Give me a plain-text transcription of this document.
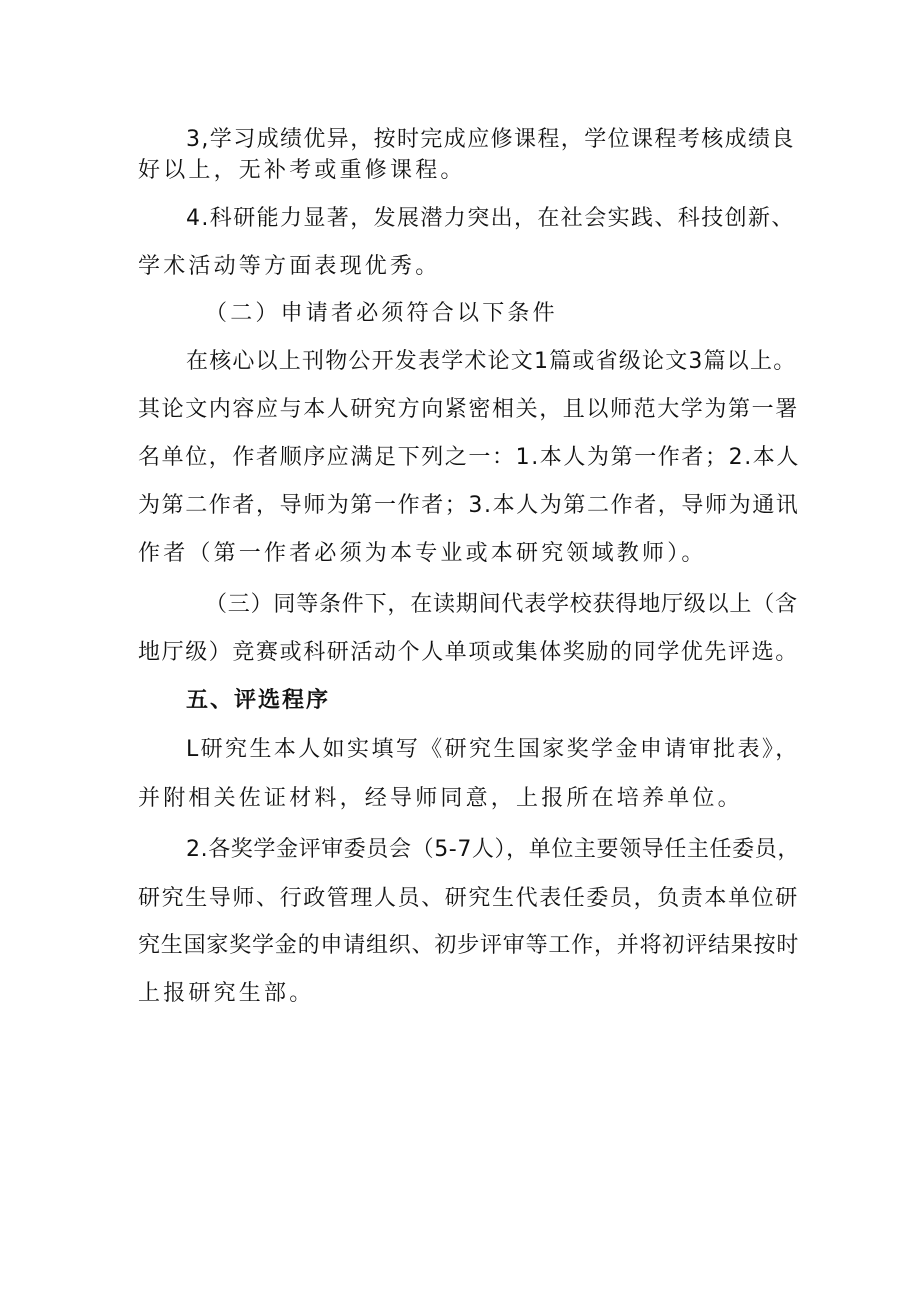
3,学习成绩优异，按时完成应修课程，学位课程考核成绩良
好以上，无补考或重修课程。
4.科研能力显著，发展潜力突出，在社会实践、科技创新、
学术活动等方面表现优秀。
（二）申请者必须符合以下条件
在核心以上刊物公开发表学术论文1篇或省级论文3篇以上。
其论文内容应与本人研究方向紧密相关，且以师范大学为第一署
名单位，作者顺序应满足下列之一：1.本人为第一作者；2.本人
为第二作者，导师为第一作者；3.本人为第二作者，导师为通讯
作者（第一作者必须为本专业或本研究领域教师）。
（三）同等条件下，在读期间代表学校获得地厅级以上（含
地厅级）竞赛或科研活动个人单项或集体奖励的同学优先评选。
五、评选程序
L研究生本人如实填写《研究生国家奖学金申请审批表》，
并附相关佐证材料，经导师同意，上报所在培养单位。
2.各奖学金评审委员会（5-7人），单位主要领导任主任委员，
研究生导师、行政管理人员、研究生代表任委员，负责本单位研
究生国家奖学金的申请组织、初步评审等工作，并将初评结果按时
上报研究生部。
